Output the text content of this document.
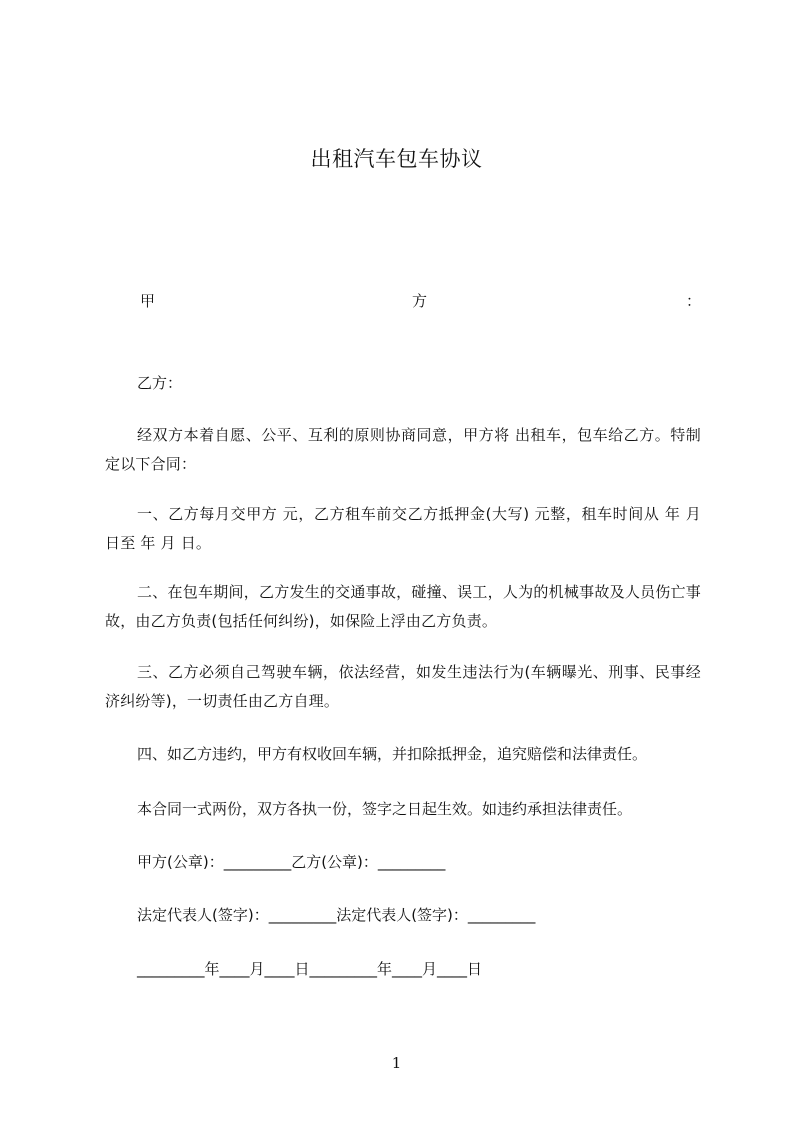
出租汽车包车协议
甲	方	：
乙方：
经双方本着自愿、公平、互利的原则协商同意，甲方将 出租车，包车给乙方。特制定以下合同：
一、乙方每月交甲方 元，乙方租车前交乙方抵押金(大写) 元整，租车时间从 年 月 日至 年 月 日。
二、在包车期间，乙方发生的交通事故，碰撞、误工，人为的机械事故及人员伤亡事故，由乙方负责(包括任何纠纷)，如保险上浮由乙方负责。
三、乙方必须自己驾驶车辆，依法经营，如发生违法行为(车辆曝光、刑事、民事经济纠纷等)，一切责任由乙方自理。
四、如乙方违约，甲方有权收回车辆，并扣除抵押金，追究赔偿和法律责任。
本合同一式两份，双方各执一份，签字之日起生效。如违约承担法律责任。
甲方(公章)：_________乙方(公章)：_________
法定代表人(签字)：_________法定代表人(签字)：_________
_________年____月____日_________年____月____日
1
